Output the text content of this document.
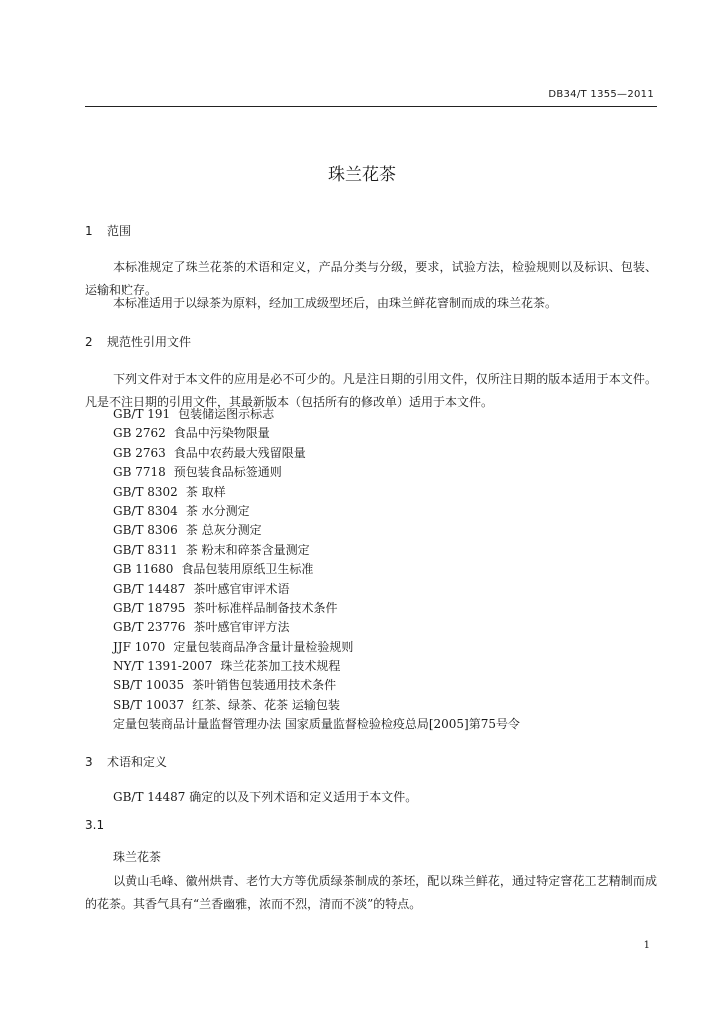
DB34/T 1355—2011
珠兰花茶
1 范围

本标准规定了珠兰花茶的术语和定义，产品分类与分级，要求，试验方法，检验规则以及标识、包装、运输和贮存。

本标准适用于以绿茶为原料，经加工成级型坯后，由珠兰鲜花窨制而成的珠兰花茶。

2 规范性引用文件

下列文件对于本文件的应用是必不可少的。凡是注日期的引用文件，仅所注日期的版本适用于本文件。凡是不注日期的引用文件，其最新版本（包括所有的修改单）适用于本文件。

GB/T 191 包装储运图示标志
GB 2762 食品中污染物限量
GB 2763 食品中农药最大残留限量
GB 7718 预包装食品标签通则
GB/T 8302 茶 取样
GB/T 8304 茶 水分测定
GB/T 8306 茶 总灰分测定
GB/T 8311 茶 粉末和碎茶含量测定
GB 11680 食品包装用原纸卫生标准
GB/T 14487 茶叶感官审评术语
GB/T 18795 茶叶标准样品制备技术条件
GB/T 23776 茶叶感官审评方法
JJF 1070 定量包装商品净含量计量检验规则
NY/T 1391-2007 珠兰花茶加工技术规程
SB/T 10035 茶叶销售包装通用技术条件
SB/T 10037 红茶、绿茶、花茶 运输包装
定量包装商品计量监督管理办法 国家质量监督检验检疫总局[2005]第75号令
3 术语和定义

GB/T 14487 确定的以及下列术语和定义适用于本文件。

3.1
珠兰花茶

以黄山毛峰、徽州烘青、老竹大方等优质绿茶制成的茶坯，配以珠兰鲜花，通过特定窨花工艺精制而成的花茶。其香气具有“兰香幽雅，浓而不烈，清而不淡”的特点。

1
